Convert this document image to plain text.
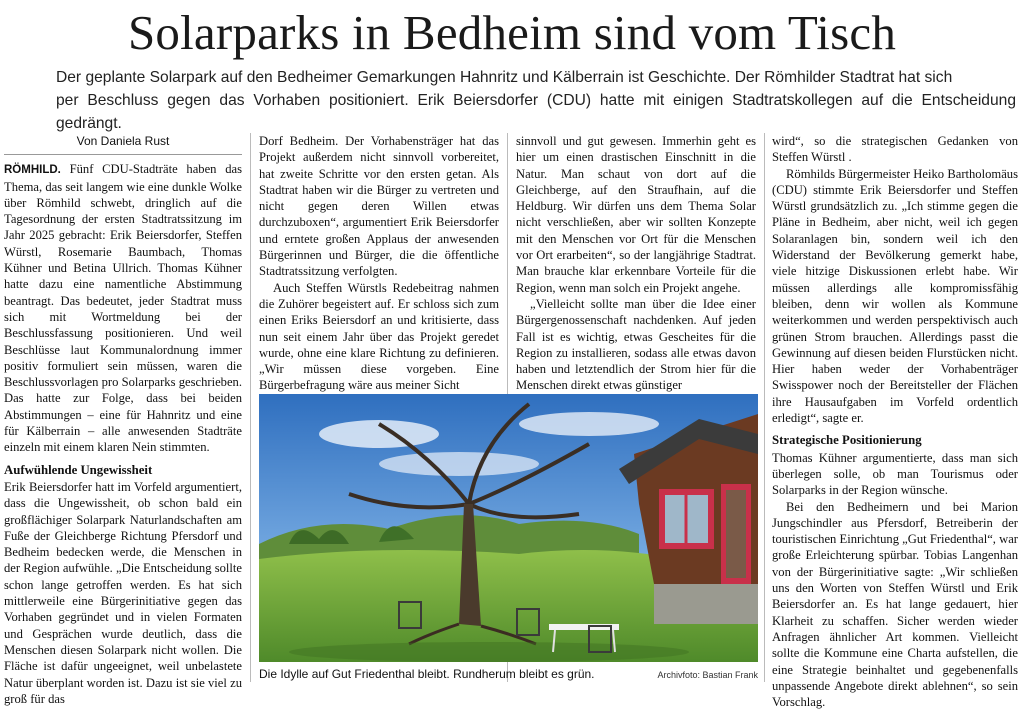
Solarparks in Bedheim sind vom Tisch

Der geplante Solarpark auf den Bedheimer Gemarkungen Hahnritz und Kälberrain ist Geschichte. Der Römhilder Stadtrat hat sich

per Beschluss gegen das Vorhaben positioniert. Erik Beiersdorfer (CDU) hatte mit einigen Stadtratskollegen auf die Entscheidung gedrängt.

Von Daniela Rust

RÖMHILD. Fünf CDU-Stadträte haben das Thema, das seit langem wie eine dunkle Wolke über Römhild schwebt, dringlich auf die Tagesordnung der ersten Stadtratssitzung im Jahr 2025 gebracht: Erik Beiersdorfer, Steffen Würstl, Rosemarie Baumbach, Thomas Kühner und Betina Ullrich. Thomas Kühner hatte dazu eine namentliche Abstimmung beantragt. Das bedeutet, jeder Stadtrat muss sich mit Wortmeldung bei der Beschlussfassung positionieren. Und weil Beschlüsse laut Kommunalordnung immer positiv formuliert sein müssen, waren die Beschlussvorlagen pro Solarparks geschrieben. Das hatte zur Folge, dass bei beiden Abstimmungen – eine für Hahnritz und eine für Kälberrain – alle anwesenden Stadträte einzeln mit einem klaren Nein stimmten.

Aufwühlende Ungewissheit

Erik Beiersdorfer hatt im Vorfeld argumentiert, dass die Ungewissheit, ob schon bald ein großflächiger Solarpark Naturlandschaften am Fuße der Gleichberge Richtung Pfersdorf und Bedheim bedecken werde, die Menschen in der Region aufwühle. „Die Entscheidung sollte schon lange getroffen werden. Es hat sich mittlerweile eine Bürgerinitiative gegen das Vorhaben gegründet und in vielen Formaten und Gesprächen wurde deutlich, dass die Menschen diesen Solarpark nicht wollen. Die Fläche ist dafür ungeeignet, weil unbelastete Natur überplant worden ist. Dazu ist sie viel zu groß für das

Dorf Bedheim. Der Vorhabensträger hat das Projekt außerdem nicht sinnvoll vorbereitet, hat zweite Schritte vor den ersten getan. Als Stadtrat haben wir die Bürger zu vertreten und nicht gegen deren Willen etwas durchzuboxen“, argumentiert Erik Beiersdorfer und erntete großen Applaus der anwesenden Bürgerinnen und Bürger, die die öffentliche Stadtratssitzung verfolgten.

Auch Steffen Würstls Redebeitrag nahmen die Zuhörer begeistert auf. Er schloss sich zum einen Eriks Beiersdorf an und kritisierte, dass nun seit einem Jahr über das Projekt geredet wurde, ohne eine klare Richtung zu definieren. „Wir müssen diese vorgeben. Eine Bürgerbefragung wäre aus meiner Sicht

sinnvoll und gut gewesen. Immerhin geht es hier um einen drastischen Einschnitt in die Natur. Man schaut von dort auf die Gleichberge, auf den Straufhain, auf die Heldburg. Wir dürfen uns dem Thema Solar nicht verschließen, aber wir sollten Konzepte mit den Menschen vor Ort für die Menschen vor Ort erarbeiten“, so der langjährige Stadtrat. Man brauche klar erkennbare Vorteile für die Region, wenn man solch ein Projekt angehe.

„Vielleicht sollte man über die Idee einer Bürgergenossenschaft nachdenken. Auf jeden Fall ist es wichtig, etwas Gescheites für die Region zu installieren, sodass alle etwas davon haben und letztendlich der Strom hier für die Menschen direkt etwas günstiger

wird“, so die strategischen Gedanken von Steffen Würstl .

Römhilds Bürgermeister Heiko Bartholomäus (CDU) stimmte Erik Beiersdorfer und Steffen Würstl grundsätzlich zu. „Ich stimme gegen die Pläne in Bedheim, aber nicht, weil ich gegen Solaranlagen bin, sondern weil ich den Widerstand der Bevölkerung gemerkt habe, viele hitzige Diskussionen erlebt habe. Wir müssen allerdings alle kompromissfähig bleiben, denn wir wollen als Kommune weiterkommen und werden perspektivisch auch grünen Strom brauchen. Allerdings passt die Gewinnung auf diesen beiden Flurstücken nicht. Hier haben weder der Vorhabenträger Swisspower noch der Bereitsteller der Flächen ihre Hausaufgaben im Vorfeld ordentlich erledigt“, sagte er.

Strategische Positionierung

Thomas Kühner argumentierte, dass man sich überlegen solle, ob man Tourismus oder Solarparks in der Region wünsche.

Bei den Bedheimern und bei Marion Jungschindler aus Pfersdorf, Betreiberin der touristischen Einrichtung „Gut Friedenthal“, war große Erleichterung spürbar. Tobias Langenhan von der Bürgerinitiative sagte: „Wir schließen uns den Worten von Steffen Würstl und Erik Beiersdorfer an. Es hat lange gedauert, hier Klarheit zu schaffen. Sicher werden wieder Anfragen ähnlicher Art kommen. Vielleicht sollte die Kommune eine Charta aufstellen, die eine Strategie beinhaltet und gegebenenfalls unpassende Angebote direkt ablehnen“, so sein Vorschlag.

Die Idylle auf Gut Friedenthal bleibt. Rundherum bleibt es grün.	Archivfoto: Bastian Frank
